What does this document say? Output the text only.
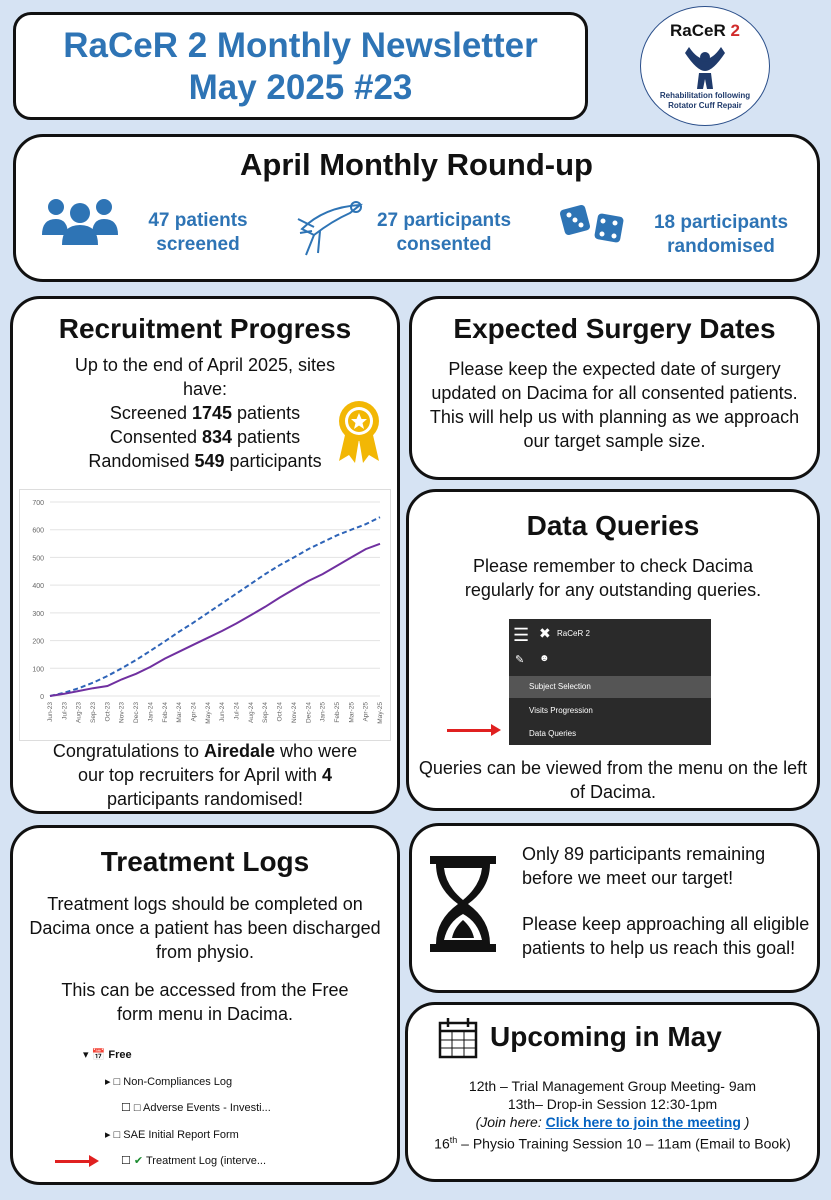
RaCeR 2 Monthly Newsletter
May 2025 #23
RaCeR 2
Rehabilitation following
Rotator Cuff Repair
April Monthly Round-up
47 patients
screened
27 participants
consented
18 participants
randomised
Recruitment Progress
Up to the end of April 2025, sites
have:
Screened 1745 patients
Consented 834 patients
Randomised 549 participants
0
100
200
300
400
500
600
700
Jun-23 Jul-23 Aug-23 Sep-23 Oct-23 Nov-23 Dec-23 Jan-24 Feb-24 Mar-24 Apr-24 May-24 Jun-24 Jul-24 Aug-24 Sep-24 Oct-24 Nov-24 Dec-24 Jan-25 Feb-25 Mar-25 Apr-25 May-25
Congratulations to Airedale who were
our top recruiters for April with 4
participants randomised!
Expected Surgery Dates
Please keep the expected date of surgery updated on Dacima for all consented patients. This will help us with planning as we approach our target sample size.
Data Queries
Please remember to check Dacima regularly for any outstanding queries.
☰ ✖ RaCeR 2
✎ ☻
Subject Selection
Visits Progression
Data Queries
Queries can be viewed from the menu on the left of Dacima.
Treatment Logs
Treatment logs should be completed on Dacima once a patient has been discharged from physio.
This can be accessed from the Free form menu in Dacima.
▾ 📅 Free
▸ □ Non-Compliances Log
☐ □ Adverse Events - Investi...
▸ □ SAE Initial Report Form
☐ ✔ Treatment Log (interve...
Only 89 participants remaining before we meet our target!
Please keep approaching all eligible patients to help us reach this goal!
Upcoming in May
12th – Trial Management Group Meeting- 9am
13th– Drop-in Session 12:30-1pm
(Join here: Click here to join the meeting )
16th – Physio Training Session 10 – 11am (Email to Book)
